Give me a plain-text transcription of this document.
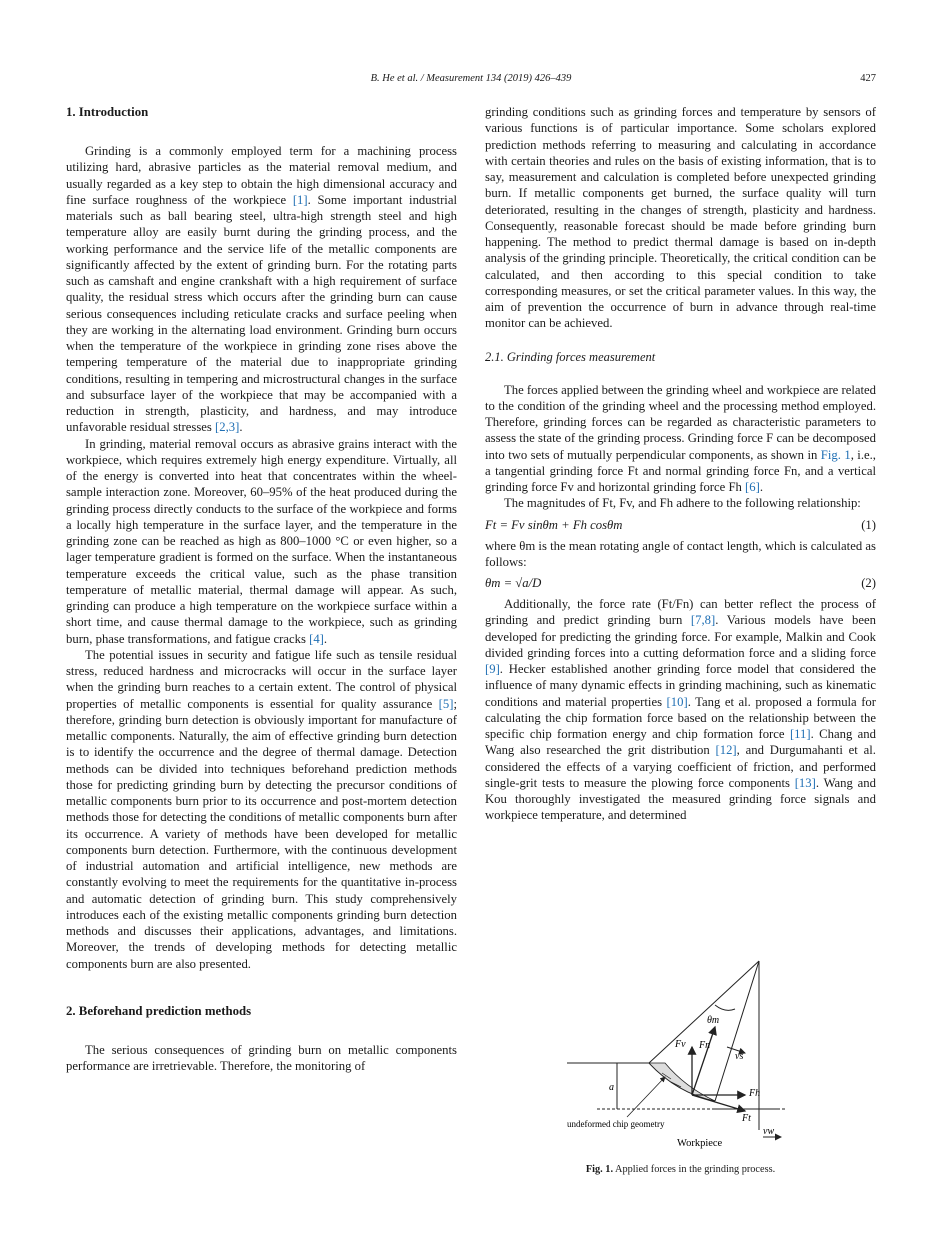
B. He et al. / Measurement 134 (2019) 426–439	427
1. Introduction

Grinding is a commonly employed term for a machining process utilizing hard, abrasive particles as the material removal medium, and usually regarded as a key step to obtain the high dimensional accuracy and fine surface roughness of the workpiece [1]. Some important industrial materials such as ball bearing steel, ultra-high strength steel and high temperature alloy are easily burnt during the grinding process, and the working performance and the service life of the metallic components are significantly affected by the extent of grinding burn. For the rotating parts such as camshaft and engine crankshaft with a high requirement of surface quality, the residual stress which occurs after the grinding burn can cause serious consequences including reticulate cracks and surface peeling when they are working in the alternating load environment. Grinding burn occurs when the temperature of the workpiece in grinding zone rises above the tempering temperature of the material due to inappropriate grinding conditions, resulting in tempering and microstructural changes in the surface and subsurface layer of the workpiece that may be accompanied with a reduction in strength, plasticity, and hardness, and may introduce unfavorable residual stresses [2,3].

In grinding, material removal occurs as abrasive grains interact with the workpiece, which requires extremely high energy expenditure. Virtually, all of the energy is converted into heat that concentrates within the wheel-sample interaction zone. Moreover, 60–95% of the heat produced during the grinding process directly conducts to the surface of the workpiece and forms a locally high temperature in the surface layer, and the temperature in the grinding zone can be reached as high as 800–1000 °C or even higher, so a lager temperature gradient is formed on the surface. When the instantaneous temperature exceeds the critical value, such as the phase transition temperature of metallic material, thermal damage will appear. As such, grinding can produce a high temperature on the workpiece surface within a short time, and cause thermal damage to the workpiece, such as grinding burn, phase transformations, and fatigue cracks [4].

The potential issues in security and fatigue life such as tensile residual stress, reduced hardness and microcracks will occur in the surface layer when the grinding burn reaches to a certain extent. The control of physical properties of metallic components is essential for quality assurance [5]; therefore, grinding burn detection is obviously important for manufacture of metallic components. Naturally, the aim of effective grinding burn detection is to identify the occurrence and the degree of thermal damage. Detection methods can be divided into techniques beforehand prediction methods those for predicting grinding burn by detecting the precursor conditions of metallic components burn prior to its occurrence and post-mortem detection methods those for detecting the conditions of metallic components burn after its occurrence. A variety of methods have been developed for metallic components burn detection. Furthermore, with the continuous development of industrial automation and artificial intelligence, new methods are constantly evolving to meet the requirements for the quantitative in-process and automatic detection of grinding burn. This study comprehensively introduces each of the existing metallic components grinding burn detection methods and discusses their applications, advantages, and limitations. Moreover, the trends of developing methods for detecting metallic components burn are also presented.

2. Beforehand prediction methods

The serious consequences of grinding burn on metallic components performance are irretrievable. Therefore, the monitoring of

grinding conditions such as grinding forces and temperature by sensors of various functions is of particular importance. Some scholars explored prediction methods referring to measuring and calculating in accordance with certain theories and rules on the basis of existing information, that is to say, measurement and calculation is completed before unexpected grinding burn. If metallic components get burned, the surface quality will turn deteriorated, resulting in the changes of strength, plasticity and hardness. Consequently, reasonable forecast should be made before grinding burn happening. The method to predict thermal damage is based on in-depth analysis of the grinding principle. Theoretically, the critical condition can be calculated, and then according to this special condition to take corresponding measures, or set the critical parameter values. In this way, the aim of prevention the occurrence of burn in advance through real-time monitor can be achieved.

2.1. Grinding forces measurement

The forces applied between the grinding wheel and workpiece are related to the condition of the grinding wheel and the processing method employed. Therefore, grinding forces can be regarded as characteristic parameters to assess the state of the grinding process. Grinding force F can be decomposed into two sets of mutually perpendicular components, as shown in Fig. 1, i.e., a tangential grinding force Ft and normal grinding force Fn, and a vertical grinding force Fv and horizontal grinding force Fh [6].

The magnitudes of Ft, Fv, and Fh adhere to the following relationship:

Ft = Fv sinθm + Fh cosθm	(1)

where θm is the mean rotating angle of contact length, which is calculated as follows:

θm = √a/D	(2)

Additionally, the force rate (Ft/Fn) can better reflect the process of grinding and predict grinding burn [7,8]. Various models have been developed for predicting the grinding force. For example, Malkin and Cook divided grinding forces into a cutting deformation force and a sliding force [9]. Hecker established another grinding force model that considered the influence of many dynamic effects in grinding machining, such as kinematic conditions and material properties [10]. Tang et al. proposed a formula for calculating the chip formation force based on the relationship between the specific chip formation energy and chip formation force [11]. Chang and Wang also researched the grit distribution [12], and Durgumahanti et al. considered the effects of a varying coefficient of friction, and performed single-grit tests to measure the plowing force components [13]. Wang and Kou thoroughly investigated the measured grinding force signals and workpiece temperature, and determined

θm
a
Fv Fn
Fh
Ft
vs
undeformed chip geometry
Workpiece
vw
Fig. 1. Applied forces in the grinding process.
